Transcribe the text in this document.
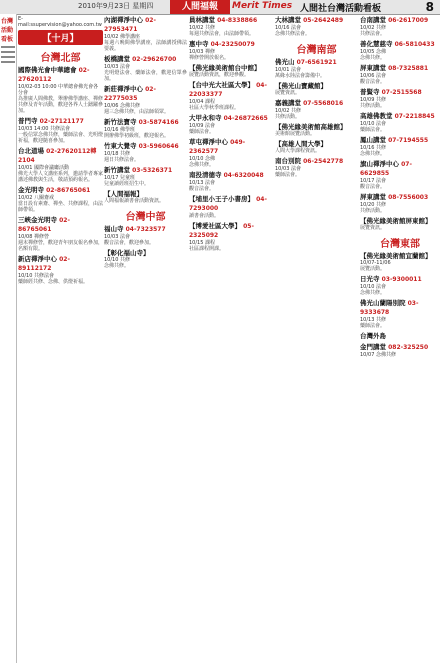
2010年9月23日 星期四	人間福報	Merit Times 人間社台灣活動看板	8
台灣活動看板
E-mail:ssupervision@yahoo.com.tw
【十月】
台灣北部
國際佛光會中華總會 02-27620112
10/02-03 10:00 中華總會佛光會各分會
為推廣人間佛教，舉辦佛學講座、禪修共修及青年活動，歡迎各界人士踴躍參加。
普門寺 02-27121177
10/03 14:00 共修法會
一般信眾念佛共修，藥師法會、光明燈祈福，歡迎隨喜參加。
台北道場 02-27620112轉2104
10/01 國際會議廳活動
佛光大學人文講座系列，邀請學者專家講述佛教與生活，敬請預約報名。
金光明寺 02-86765061
10/02 八關齋戒
當日設有素齋、禪坐、共修課程，由法師帶領。
三峽金光明寺 02-86765061
10/08 禪修營
週末禪修營，歡迎青年朋友報名參加，名額有限。
新店禪淨中心 02-89112172
10/10 共修法會
藥師經共修、念佛、供燈祈福。
內湖禪淨中心 02-27953471
10/02 佛學講座
每週六晚間佛學講座，法師講授佛法要義。
板橋講堂 02-29626700
10/03 法會
光明燈法會、藥師法會，歡迎信眾參加。
新莊禪淨中心 02-22775035
10/06 念佛共修
週三念佛共修，由法師領眾。
新竹法寶寺 03-5874166
10/16 佛學班
開辦佛學初級班，歡迎報名。
竹東大覺寺 03-5960646
10/18 共修
週日共修法會。
新竹講堂 03-5326371
10/17 兒童班
兒童讀經班招生中。
【人間福報】
人間福報讀書會活動資訊。
台灣中部
福山寺 04-7323577
10/03 法會
觀音法會，歡迎參加。
【彰化福山寺】
10/10 共修
念佛共修。
員林講堂 04-8338866
10/02 共修
每週共修法會，由法師帶領。
惠中寺 04-23250079
10/03 禪修
禪修營開放報名。
【佛光緣美術館台中館】
展覽活動資訊，歡迎參觀。
【台中光大社區大學】 04-22033377
10/04 課程
社區大學秋季班課程。
大甲永和寺 04-26872665
10/09 法會
藥師法會。
草屯禪淨中心 049-2362577
10/10 念佛
念佛共修。
南投清德寺 04-6320048
10/13 法會
觀音法會。
【埔里小王子小書房】 04-7293000
讀書會活動。
【博愛社區大學】 05-2325092
10/15 課程
社區課程開課。
大林講堂 05-2642489
10/16 法會
念佛共修法會。
台灣南部
佛光山 07-6561921
10/01 法會
萬緣水陸法會籌備中。
【佛光山寶藏館】
展覽資訊。
嘉義講堂 07-5568016
10/02 共修
共修活動。
【佛光緣美術館高雄館】
美術館展覽活動。
【高雄人間大學】
人間大學課程資訊。
南台別院 06-2542778
10/03 法會
藥師法會。
台南講堂 06-2617009
10/02 共修
共修法會。
善化慧慈寺 06-5810433
10/05 念佛
念佛共修。
屏東講堂 08-7325881
10/06 法會
觀音法會。
普賢寺 07-2515568
10/09 共修
共修活動。
高雄佛教堂 07-2218845
10/10 法會
藥師法會。
鳳山講堂 07-7194555
10/16 共修
念佛共修。
旗山禪淨中心 07-6629855
10/17 法會
觀音法會。
屏東講堂 08-7556003
10/20 共修
共修活動。
【佛光緣美術館屏東館】
展覽資訊。
台灣東部
【佛光緣美術館宜蘭館】
10/07-11/06
展覽活動。
日光寺 03-9300011
10/10 法會
念佛共修。
佛光山蘭陽別院 03-9333678
10/13 共修
藥師法會。
台灣外島
金門講堂 082-325250
10/07 念佛共修
